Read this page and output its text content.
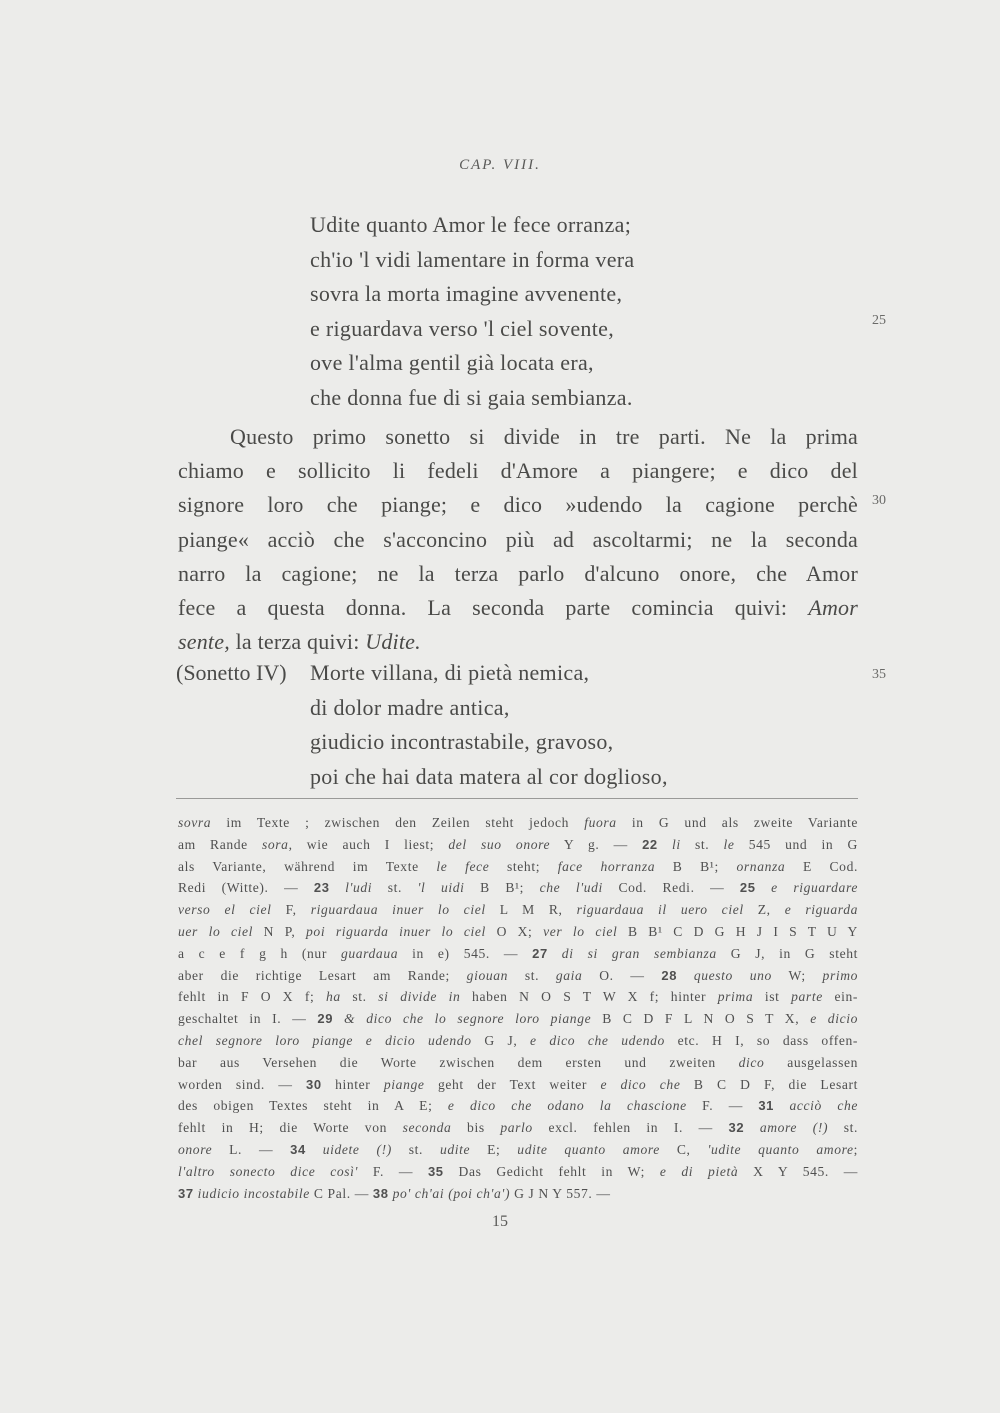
CAP. VIII.
Udite quanto Amor le fece orranza;
ch'io 'l vidi lamentare in forma vera
sovra la morta imagine avvenente,
e riguardava verso 'l ciel sovente,
ove l'alma gentil già locata era,
che donna fue di si gaia sembianza.
25
Questo primo sonetto si divide in tre parti. Ne la prima
chiamo e sollicito li fedeli d'Amore a piangere; e dico del
signore loro che piange; e dico »udendo la cagione perchè
piange« acciò che s'acconcino più ad ascoltarmi; ne la seconda
narro la cagione; ne la terza parlo d'alcuno onore, che Amor
fece a questa donna. La seconda parte comincia quivi: Amor
sente, la terza quivi: Udite.
30
(Sonetto IV) Morte villana, di pietà nemica,
di dolor madre antica,
giudicio incontrastabile, gravoso,
poi che hai data matera al cor doglioso,
35
sovra im Texte ; zwischen den Zeilen steht jedoch fuora in G und als zweite Variante
am Rande sora, wie auch I liest; del suo onore Y g. — 22 li st. le 545 und in G
als Variante, während im Texte le fece steht; face horranza B B¹; ornanza E Cod.
Redi (Witte). — 23 l'udi st. 'l uidi B B¹; che l'udi Cod. Redi. — 25 e riguardare
verso el ciel F, riguardaua inuer lo ciel L M R, riguardaua il uero ciel Z, e riguarda
uer lo ciel N P, poi riguarda inuer lo ciel O X; ver lo ciel B B¹ C D G H J I S T U Y
a c e f g h (nur guardaua in e) 545. — 27 di si gran sembianza G J, in G steht
aber die richtige Lesart am Rande; giouan st. gaia O. — 28 questo uno W; primo
fehlt in F O X f; ha st. si divide in haben N O S T W X f; hinter prima ist parte ein-
geschaltet in I. — 29 & dico che lo segnore loro piange B C D F L N O S T X, e dicio
chel segnore loro piange e dicio udendo G J, e dico che udendo etc. H I, so dass offen-
bar aus Versehen die Worte zwischen dem ersten und zweiten dico ausgelassen
worden sind. — 30 hinter piange geht der Text weiter e dico che B C D F, die Lesart
des obigen Textes steht in A E; e dico che odano la chascione F. — 31 acciò che
fehlt in H; die Worte von seconda bis parlo excl. fehlen in I. — 32 amore (!) st.
onore L. — 34 uidete (!) st. udite E; udite quanto amore C, 'udite quanto amore;
l'altro sonecto dice così' F. — 35 Das Gedicht fehlt in W; e di pietà X Y 545. —
37 iudicio incostabile C Pal. — 38 po' ch'ai (poi ch'a') G J N Y 557. —
15
